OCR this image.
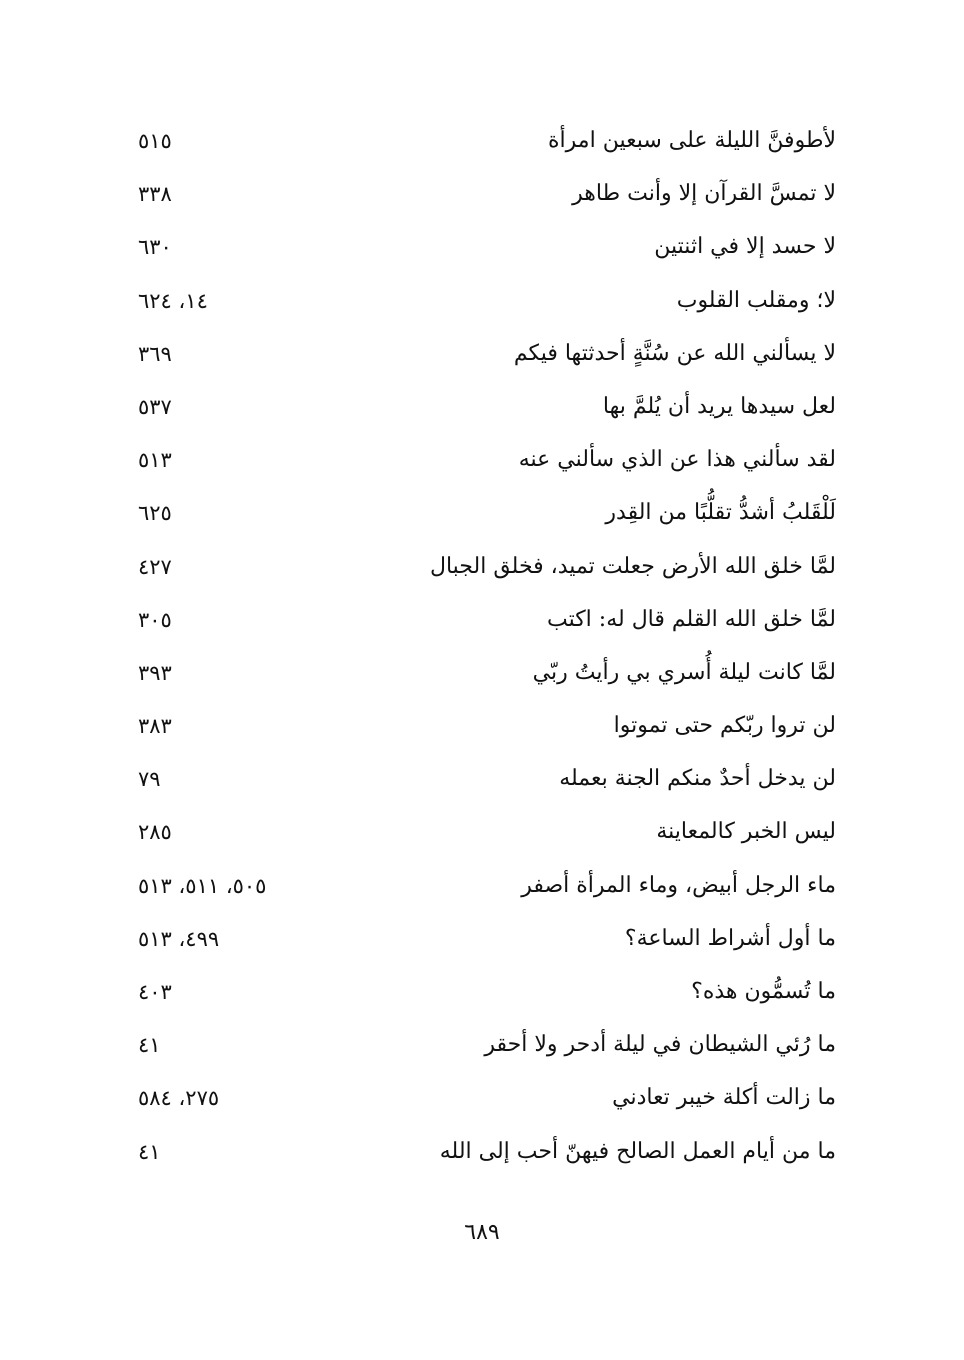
لأطوفنَّ الليلة على سبعين امرأة
٥١٥
لا تمسَّ القرآن إلا وأنت طاهر
٣٣٨
لا حسد إلا في اثنتين
٦٣٠
لا؛ ومقلب القلوب
١٤، ٦٢٤
لا يسألني الله عن سُنَّةٍ أحدثتها فيكم
٣٦٩
لعل سيدها يريد أن يُلمَّ بها
٥٣٧
لقد سألني هذا عن الذي سألني عنه
٥١٣
لَلْقَلبُ أشدُّ تقلُّبًا من القِدر
٦٢٥
لمَّا خلق الله الأرض جعلت تميد، فخلق الجبال
٤٢٧
لمَّا خلق الله القلم قال له: اكتب
٣٠٥
لمَّا كانت ليلة أُسري بي رأيتُ ربّي
٣٩٣
لن تروا ربّكم حتى تموتوا
٣٨٣
لن يدخل أحدٌ منكم الجنة بعمله
٧٩
ليس الخبر كالمعاينة
٢٨٥
ماء الرجل أبيض، وماء المرأة أصفر
٥٠٥، ٥١١، ٥١٣
ما أول أشراط الساعة؟
٤٩٩، ٥١٣
ما تُسمُّون هذه؟
٤٠٣
ما رُئي الشيطان في ليلة أدحر ولا أحقر
٤١
ما زالت أكلة خيبر تعادني
٢٧٥، ٥٨٤
ما من أيام العمل الصالح فيهنّ أحب إلى الله
٤١
٦٨٩
